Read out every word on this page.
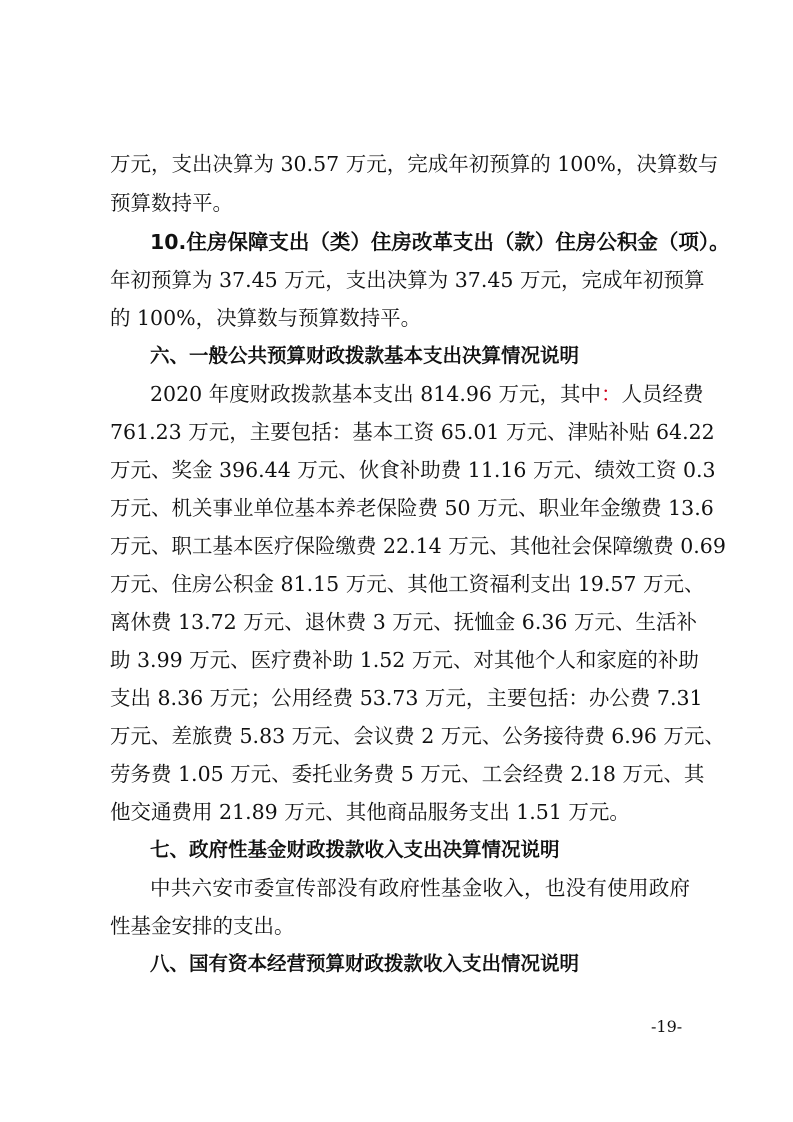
万元，支出决算为 30.57 万元，完成年初预算的 100%，决算数与
预算数持平。
10.住房保障支出（类）住房改革支出（款）住房公积金（项）。
年初预算为 37.45 万元，支出决算为 37.45 万元，完成年初预算
的 100%，决算数与预算数持平。
六、一般公共预算财政拨款基本支出决算情况说明
2020 年度财政拨款基本支出 814.96 万元，其中：人员经费
761.23 万元，主要包括：基本工资 65.01 万元、津贴补贴 64.22
万元、奖金 396.44 万元、伙食补助费 11.16 万元、绩效工资 0.3
万元、机关事业单位基本养老保险费 50 万元、职业年金缴费 13.6
万元、职工基本医疗保险缴费 22.14 万元、其他社会保障缴费 0.69
万元、住房公积金 81.15 万元、其他工资福利支出 19.57 万元、
离休费 13.72 万元、退休费 3 万元、抚恤金 6.36 万元、生活补
助 3.99 万元、医疗费补助 1.52 万元、对其他个人和家庭的补助
支出 8.36 万元；公用经费 53.73 万元，主要包括：办公费 7.31
万元、差旅费 5.83 万元、会议费 2 万元、公务接待费 6.96 万元、
劳务费 1.05 万元、委托业务费 5 万元、工会经费 2.18 万元、其
他交通费用 21.89 万元、其他商品服务支出 1.51 万元。
七、政府性基金财政拨款收入支出决算情况说明
中共六安市委宣传部没有政府性基金收入，也没有使用政府
性基金安排的支出。
八、国有资本经营预算财政拨款收入支出情况说明
-19-
